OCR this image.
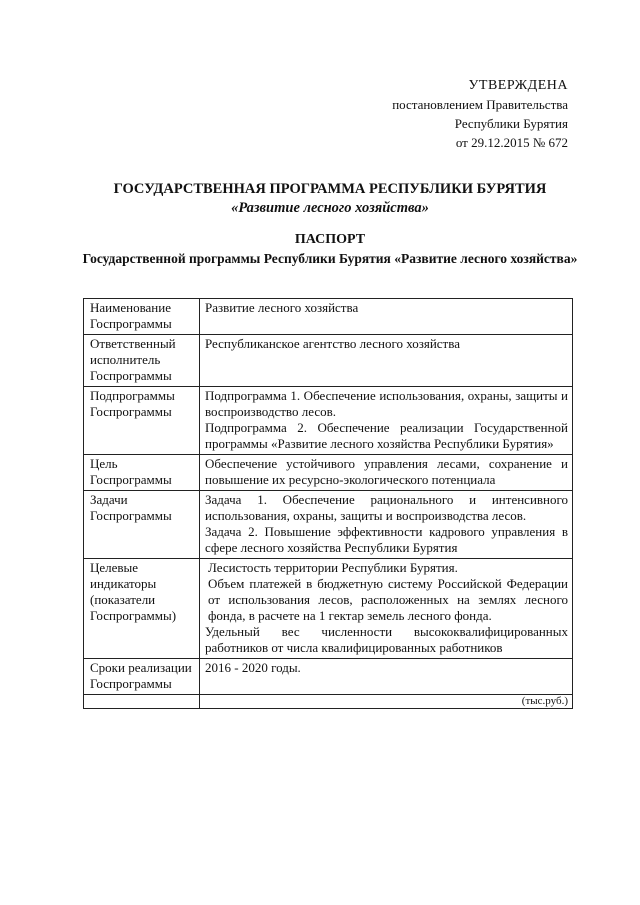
УТВЕРЖДЕНА
постановлением Правительства
Республики Бурятия
от 29.12.2015 № 672
ГОСУДАРСТВЕННАЯ ПРОГРАММА РЕСПУБЛИКИ БУРЯТИЯ
«Развитие лесного хозяйства»
ПАСПОРТ
Государственной программы Республики Бурятия «Развитие лесного хозяйства»
Наименование Госпрограммы	Развитие лесного хозяйства

Ответственный исполнитель Госпрограммы	Республиканское агентство лесного хозяйства

Подпрограммы Госпрограммы	Подпрограмма 1. Обеспечение использования, охраны, защиты и воспроизводство лесов.
Подпрограмма 2. Обеспечение реализации Государственной программы «Развитие лесного хозяйства Республики Бурятия»

Цель Госпрограммы	Обеспечение устойчивого управления лесами, сохранение и повышение их ресурсно-экологического потенциала

Задачи Госпрограммы	Задача 1. Обеспечение рационального и интенсивного использования, охраны, защиты и воспроизводства лесов.
Задача 2. Повышение эффективности кадрового управления в сфере лесного хозяйства Республики Бурятия

Целевые индикаторы (показатели Госпрограммы)	Лесистость территории Республики Бурятия.
Объем платежей в бюджетную систему Российской Федерации от использования лесов, расположенных на землях лесного фонда, в расчете на 1 гектар земель лесного фонда.
Удельный вес численности высококвалифицированных работников от числа квалифицированных работников

Сроки реализации Госпрограммы	2016 - 2020 годы.

	(тыс.руб.)
